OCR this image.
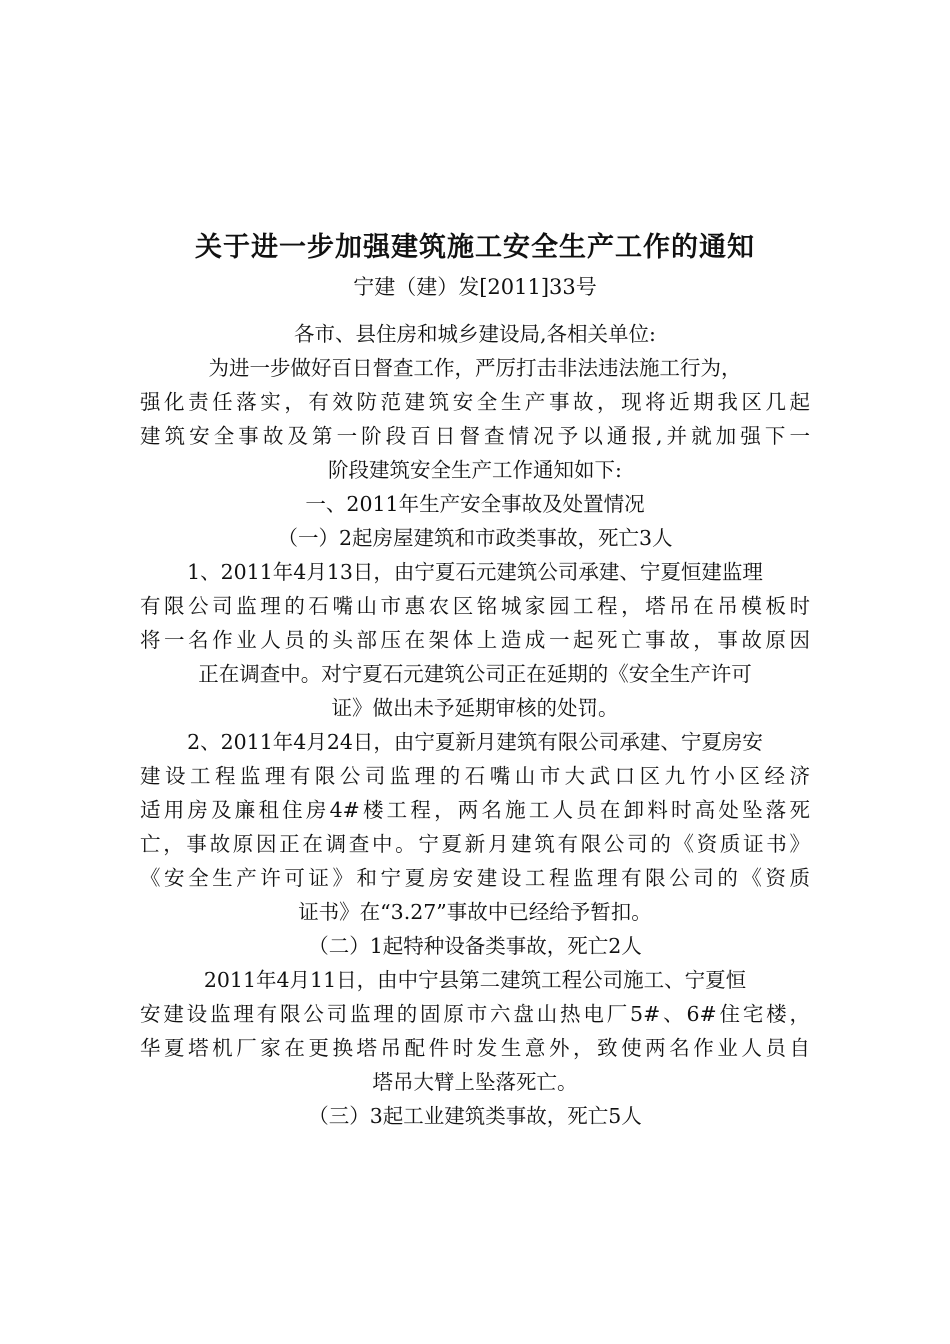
关于进一步加强建筑施工安全生产工作的通知
宁建（建）发[2011]33号
各市、县住房和城乡建设局,各相关单位:
为进一步做好百日督查工作，严厉打击非法违法施工行为，
强化责任落实，有效防范建筑安全生产事故，现将近期我区几起
建筑安全事故及第一阶段百日督查情况予以通报,并就加强下一
阶段建筑安全生产工作通知如下:
一、2011年生产安全事故及处置情况
（一）2起房屋建筑和市政类事故，死亡3人
1、2011年4月13日，由宁夏石元建筑公司承建、宁夏恒建监理
有限公司监理的石嘴山市惠农区铭城家园工程，塔吊在吊模板时
将一名作业人员的头部压在架体上造成一起死亡事故，事故原因
正在调查中。对宁夏石元建筑公司正在延期的《安全生产许可
证》做出未予延期审核的处罚。
2、2011年4月24日，由宁夏新月建筑有限公司承建、宁夏房安
建设工程监理有限公司监理的石嘴山市大武口区九竹小区经济
适用房及廉租住房4#楼工程，两名施工人员在卸料时高处坠落死
亡，事故原因正在调查中。宁夏新月建筑有限公司的《资质证书》
《安全生产许可证》和宁夏房安建设工程监理有限公司的《资质
证书》在“3.27”事故中已经给予暂扣。
（二）1起特种设备类事故，死亡2人
2011年4月11日，由中宁县第二建筑工程公司施工、宁夏恒
安建设监理有限公司监理的固原市六盘山热电厂5#、6#住宅楼，
华夏塔机厂家在更换塔吊配件时发生意外，致使两名作业人员自
塔吊大臂上坠落死亡。
（三）3起工业建筑类事故，死亡5人
